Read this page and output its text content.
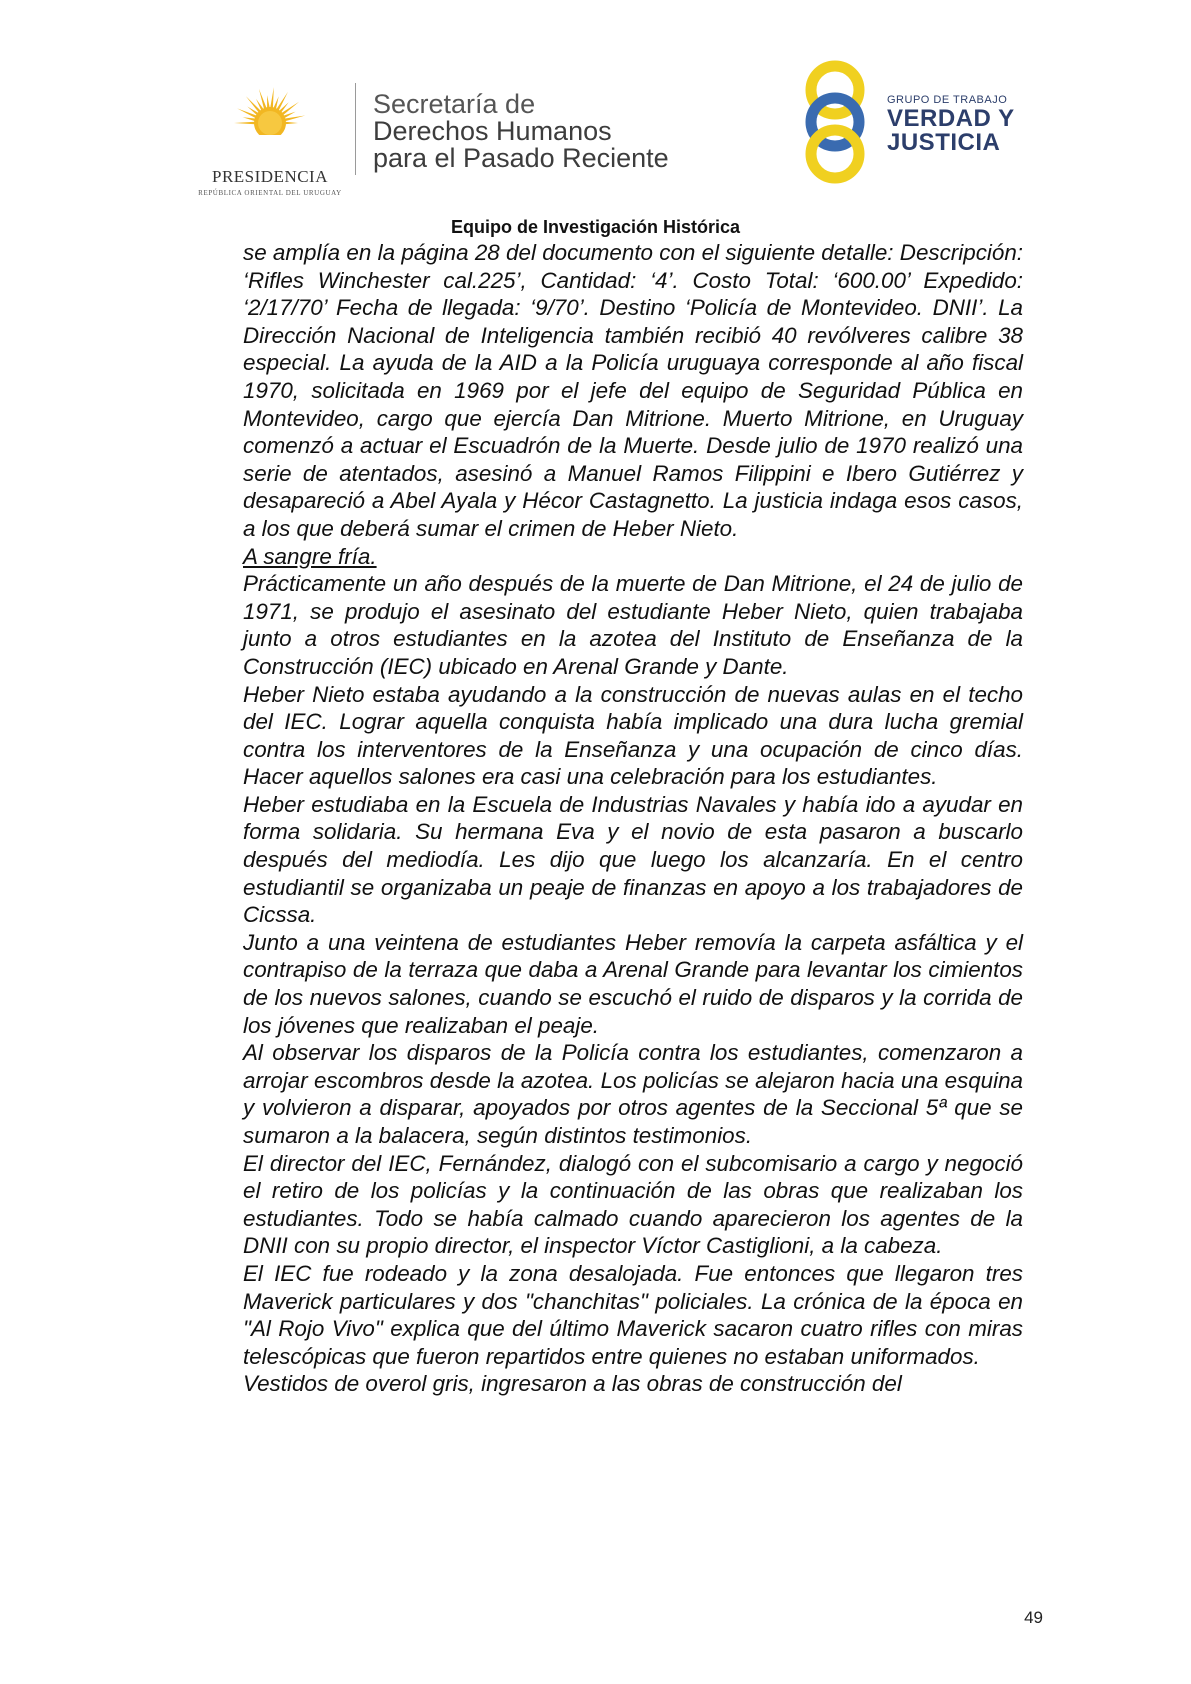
PRESIDENCIA
REPÚBLICA ORIENTAL DEL URUGUAY
Secretaría de
Derechos Humanos
para el Pasado Reciente
GRUPO DE TRABAJO
VERDAD Y
JUSTICIA
Equipo de Investigación Histórica

se amplía en la página 28 del documento con el siguiente detalle: Descripción: ‘Rifles Winchester cal.225’, Cantidad: ‘4’. Costo Total: ‘600.00’ Expedido: ‘2/17/70’ Fecha de llegada: ‘9/70’. Destino ‘Policía de Montevideo. DNII’. La Dirección Nacional de Inteligencia también recibió 40 revólveres calibre 38 especial. La ayuda de la AID a la Policía uruguaya corresponde al año fiscal 1970, solicitada en 1969 por el jefe del equipo de Seguridad Pública en Montevideo, cargo que ejercía Dan Mitrione. Muerto Mitrione, en Uruguay comenzó a actuar el Escuadrón de la Muerte. Desde julio de 1970 realizó una serie de atentados, asesinó a Manuel Ramos Filippini e Ibero Gutiérrez y desapareció a Abel Ayala y Hécor Castagnetto. La justicia indaga esos casos, a los que deberá sumar el crimen de Heber Nieto.

A sangre fría.

Prácticamente un año después de la muerte de Dan Mitrione, el 24 de julio de 1971, se produjo el asesinato del estudiante Heber Nieto, quien trabajaba junto a otros estudiantes en la azotea del Instituto de Enseñanza de la Construcción (IEC) ubicado en Arenal Grande y Dante.

Heber Nieto estaba ayudando a la construcción de nuevas aulas en el techo del IEC. Lograr aquella conquista había implicado una dura lucha gremial contra los interventores de la Enseñanza y una ocupación de cinco días. Hacer aquellos salones era casi una celebración para los estudiantes.

Heber estudiaba en la Escuela de Industrias Navales y había ido a ayudar en forma solidaria. Su hermana Eva y el novio de esta pasaron a buscarlo después del mediodía. Les dijo que luego los alcanzaría. En el centro estudiantil se organizaba un peaje de finanzas en apoyo a los trabajadores de Cicssa.

Junto a una veintena de estudiantes Heber removía la carpeta asfáltica y el contrapiso de la terraza que daba a Arenal Grande para levantar los cimientos de los nuevos salones, cuando se escuchó el ruido de disparos y la corrida de los jóvenes que realizaban el peaje.

Al observar los disparos de la Policía contra los estudiantes, comenzaron a arrojar escombros desde la azotea. Los policías se alejaron hacia una esquina y volvieron a disparar, apoyados por otros agentes de la Seccional 5ª que se sumaron a la balacera, según distintos testimonios.

El director del IEC, Fernández, dialogó con el subcomisario a cargo y negoció el retiro de los policías y la continuación de las obras que realizaban los estudiantes. Todo se había calmado cuando aparecieron los agentes de la DNII con su propio director, el inspector Víctor Castiglioni, a la cabeza.

El IEC fue rodeado y la zona desalojada. Fue entonces que llegaron tres Maverick particulares y dos "chanchitas" policiales. La crónica de la época en "Al Rojo Vivo" explica que del último Maverick sacaron cuatro rifles con miras telescópicas que fueron repartidos entre quienes no estaban uniformados.

Vestidos de overol gris, ingresaron a las obras de construcción del

49
